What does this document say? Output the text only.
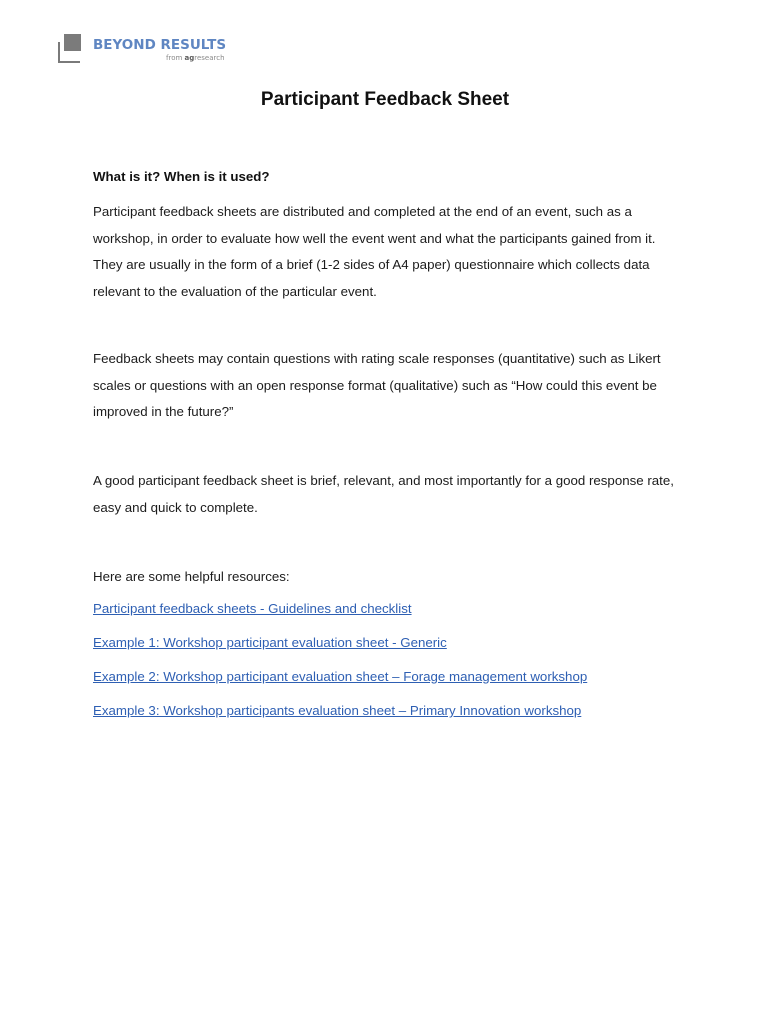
BEYOND RESULTS
from agresearch
Participant Feedback Sheet
What is it? When is it used?

Participant feedback sheets are distributed and completed at the end of an event, such as a workshop, in order to evaluate how well the event went and what the participants gained from it. They are usually in the form of a brief (1-2 sides of A4 paper) questionnaire which collects data relevant to the evaluation of the particular event.

Feedback sheets may contain questions with rating scale responses (quantitative) such as Likert scales or questions with an open response format (qualitative) such as “How could this event be improved in the future?”

A good participant feedback sheet is brief, relevant, and most importantly for a good response rate, easy and quick to complete.

Here are some helpful resources:

Participant feedback sheets - Guidelines and checklist
Example 1: Workshop participant evaluation sheet - Generic
Example 2: Workshop participant evaluation sheet – Forage management workshop
Example 3: Workshop participants evaluation sheet – Primary Innovation workshop
